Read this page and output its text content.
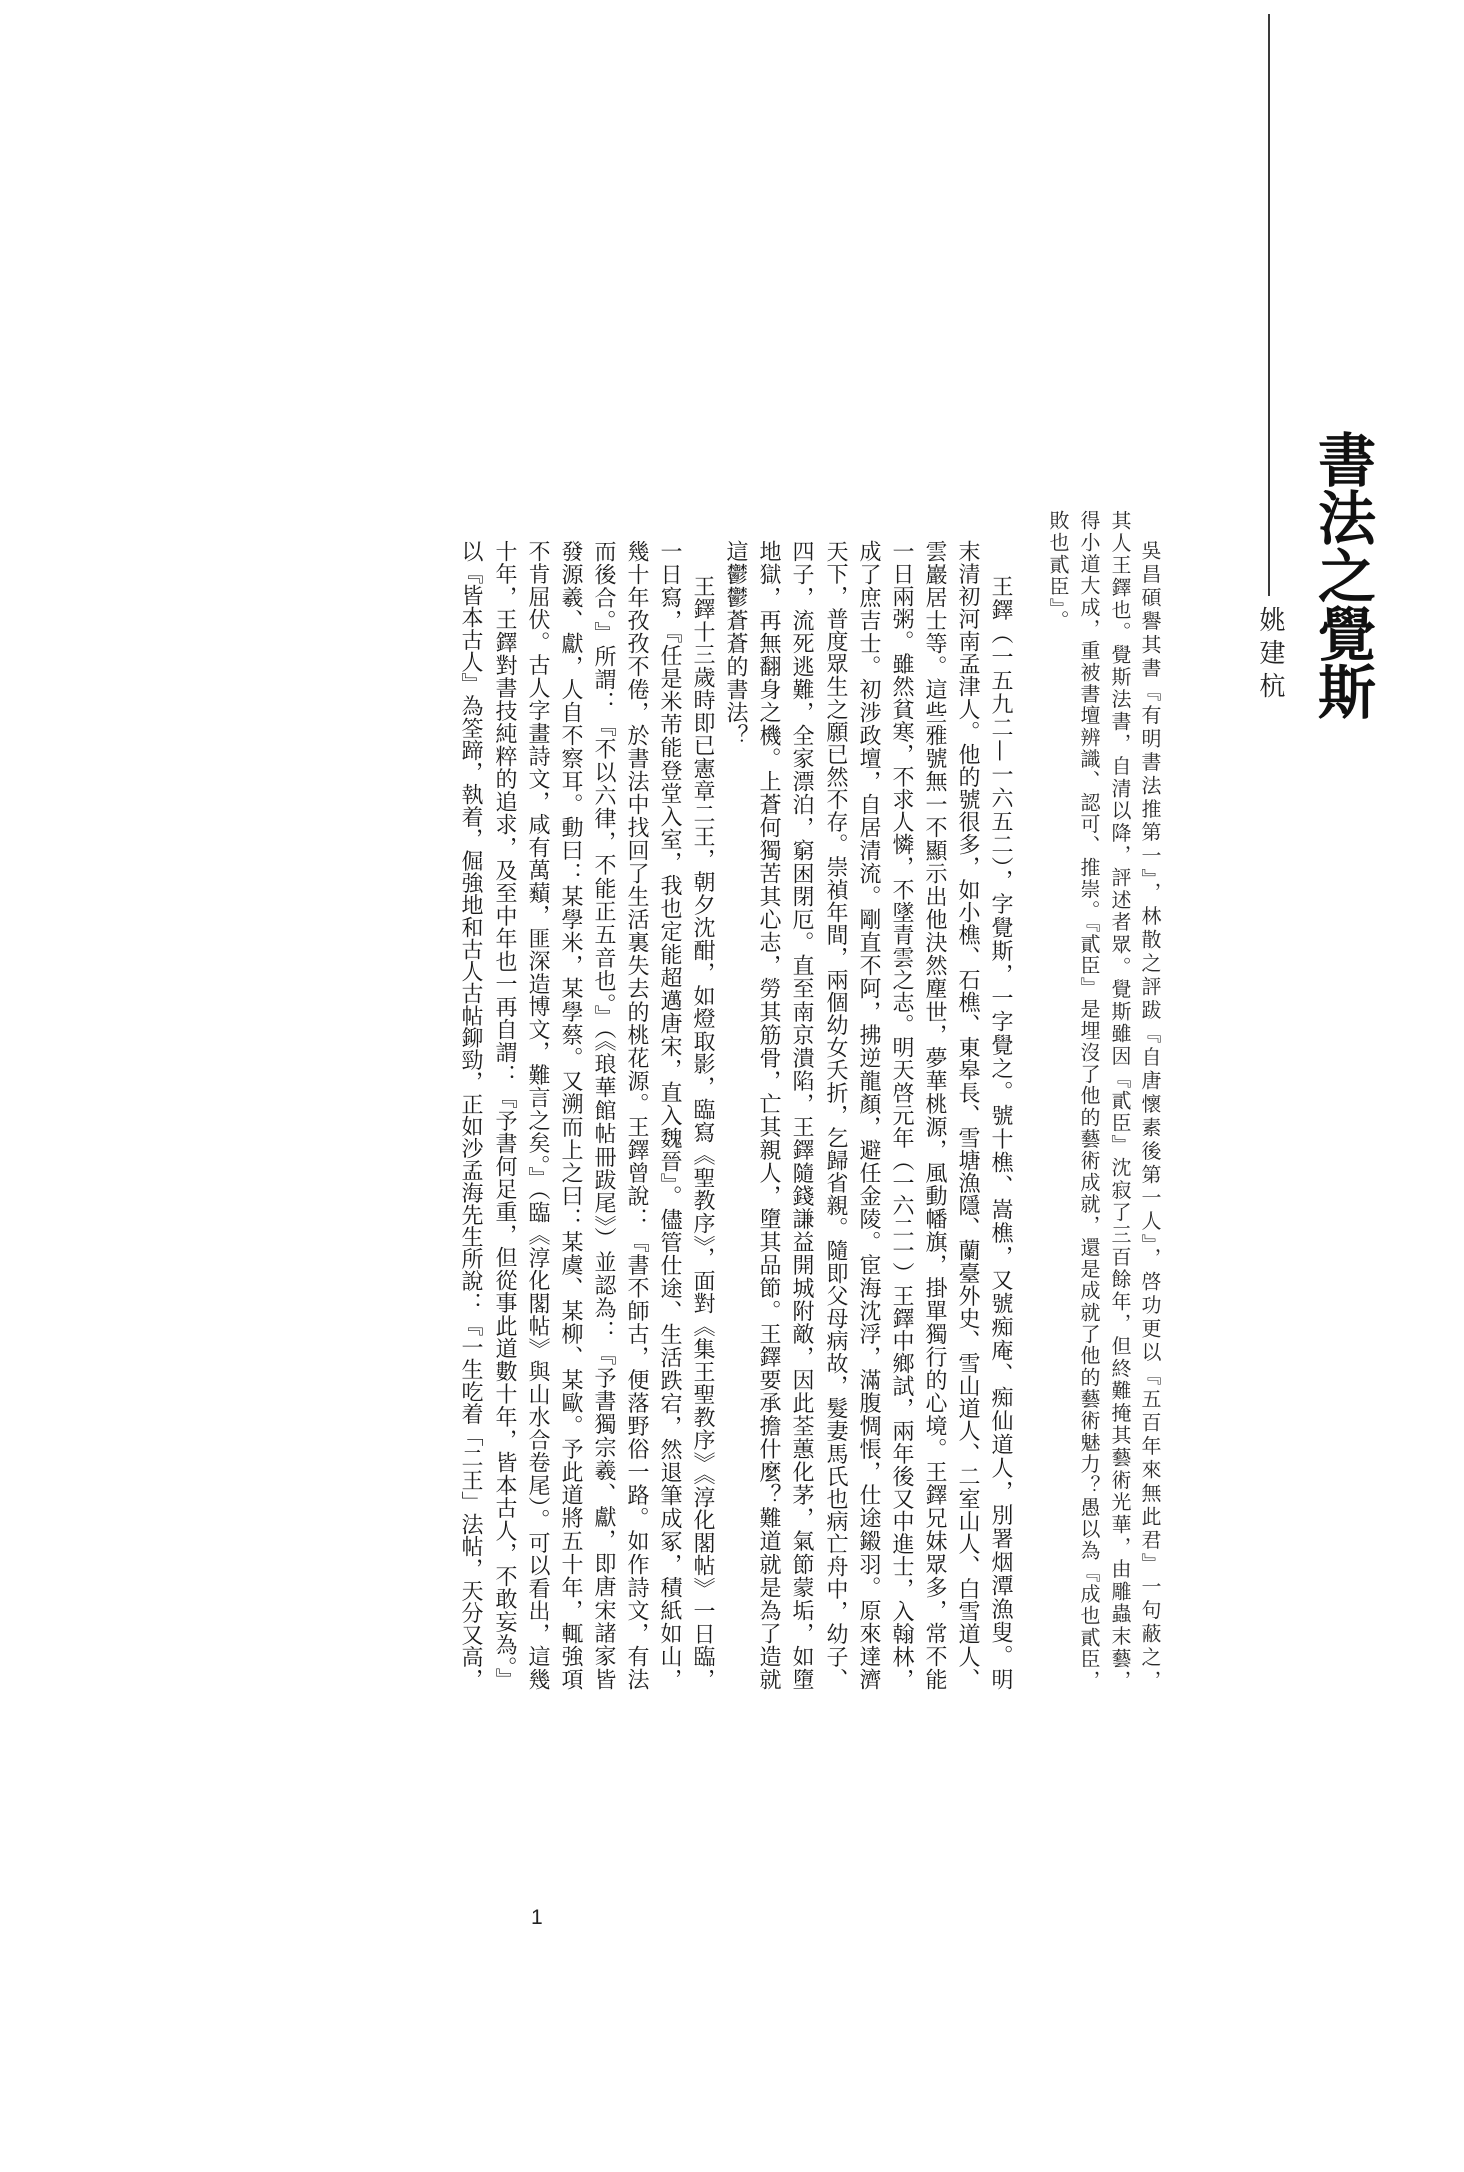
書法之覺斯
姚建杭
吳昌碩譽其書『有明書法推第一』，林散之評跋『自唐懷素後第一人』，啓功更以『五百年來無此君』一句蔽之，
其人王鐸也。覺斯法書，自清以降，評述者眾。覺斯雖因『貳臣』沈寂了三百餘年，但終難掩其藝術光華，由雕蟲末藝，
得小道大成，重被書壇辨識、認可、推崇。『貳臣』是埋沒了他的藝術成就，還是成就了他的藝術魅力？愚以為『成也貳臣，
敗也貳臣』。
王鐸（一五九二—一六五二），字覺斯，一字覺之。號十樵、嵩樵，又號痴庵、痴仙道人，別署烟潭漁叟。明
末清初河南孟津人。他的號很多，如小樵、石樵、東皋長、雪塘漁隱、蘭臺外史、雪山道人、二室山人、白雪道人、
雲巖居士等。這些雅號無一不顯示出他決然塵世，夢華桃源，風動幡旗，掛單獨行的心境。王鐸兄妹眾多，常不能
一日兩粥。雖然貧寒，不求人憐，不墜青雲之志。明天啓元年（一六二一）王鐸中鄉試，兩年後又中進士，入翰林，
成了庶吉士。初涉政壇，自居清流。剛直不阿，拂逆龍顏，避任金陵。宦海沈浮，滿腹惆悵，仕途鎩羽。原來達濟
天下，普度眾生之願已然不存。崇禎年間，兩個幼女夭折，乞歸省親。隨即父母病故，髮妻馬氏也病亡舟中，幼子、
四子，流死逃難，全家漂泊，窮困閉厄。直至南京潰陷，王鐸隨錢謙益開城附敵，因此荃蕙化茅，氣節蒙垢，如墮
地獄，再無翻身之機。上蒼何獨苦其心志，勞其筋骨，亡其親人，墮其品節。王鐸要承擔什麼？難道就是為了造就
這鬱鬱蒼蒼的書法？
王鐸十三歲時即已憲章二王，朝夕沈酣，如燈取影，臨寫《聖教序》，面對《集王聖教序》《淳化閣帖》一日臨，
一日寫，『任是米芾能登堂入室，我也定能超邁唐宋，直入魏晉』。儘管仕途、生活跌宕，然退筆成冢，積紙如山，
幾十年孜孜不倦，於書法中找回了生活裏失去的桃花源。王鐸曾說：『書不師古，便落野俗一路。如作詩文，有法
而後合。』所謂：『不以六律，不能正五音也。』（《琅華館帖冊跋尾》）並認為：『予書獨宗羲、獻，即唐宋諸家皆
發源羲、獻，人自不察耳。動曰：某學米，某學蔡。又溯而上之曰：某虞、某柳、某歐。予此道將五十年，輒強項
不肯屈伏。古人字畫詩文，咸有萬蘱，匪深造博文，難言之矣。』（臨《淳化閣帖》與山水合卷尾）。可以看出，這幾
十年，王鐸對書技純粹的追求，及至中年也一再自謂：『予書何足重，但從事此道數十年，皆本古人，不敢妄為。』
以『皆本古人』為筌蹄，執着，倔強地和古人古帖鉚勁，正如沙孟海先生所說：『一生吃着「二王」法帖，天分又高，
1
